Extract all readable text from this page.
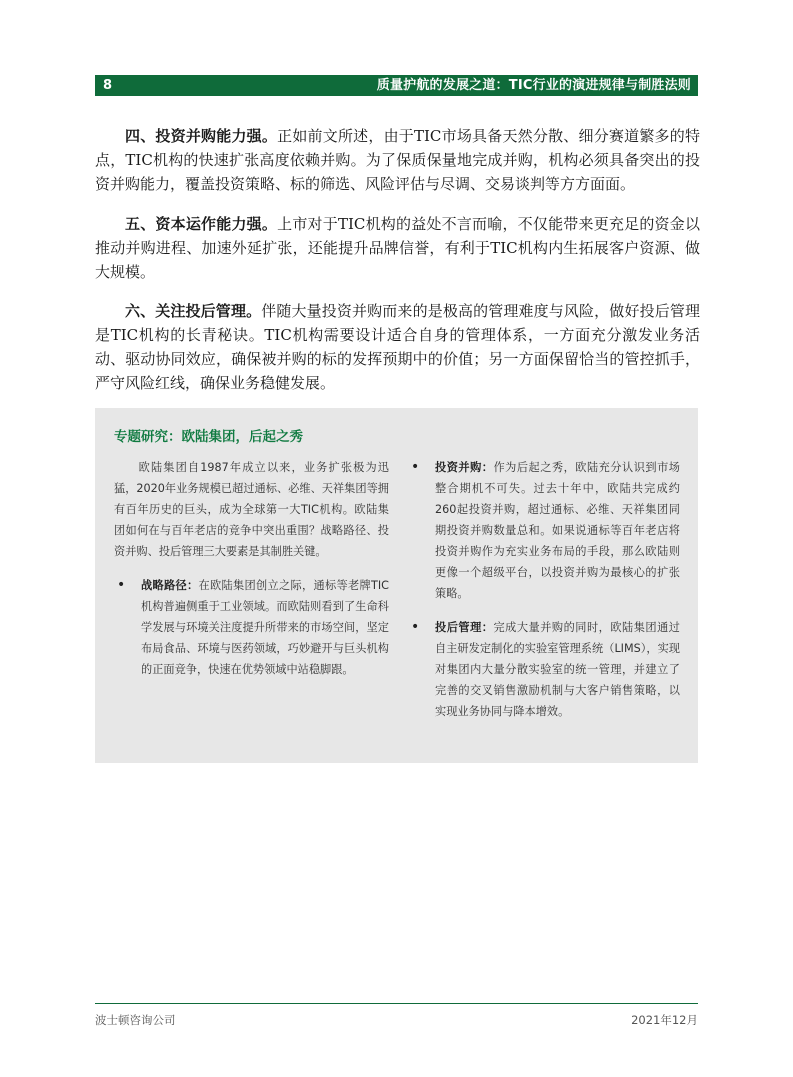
8	质量护航的发展之道：TIC行业的演进规律与制胜法则

四、投资并购能力强。正如前文所述，由于TIC市场具备天然分散、细分赛道繁多的特点，TIC机构的快速扩张高度依赖并购。为了保质保量地完成并购，机构必须具备突出的投资并购能力，覆盖投资策略、标的筛选、风险评估与尽调、交易谈判等方方面面。

五、资本运作能力强。上市对于TIC机构的益处不言而喻，不仅能带来更充足的资金以推动并购进程、加速外延扩张，还能提升品牌信誉，有利于TIC机构内生拓展客户资源、做大规模。

六、关注投后管理。伴随大量投资并购而来的是极高的管理难度与风险，做好投后管理是TIC机构的长青秘诀。TIC机构需要设计适合自身的管理体系，一方面充分激发业务活动、驱动协同效应，确保被并购的标的发挥预期中的价值；另一方面保留恰当的管控抓手，严守风险红线，确保业务稳健发展。

专题研究：欧陆集团，后起之秀

欧陆集团自1987年成立以来，业务扩张极为迅猛，2020年业务规模已超过通标、必维、天祥集团等拥有百年历史的巨头，成为全球第一大TIC机构。欧陆集团如何在与百年老店的竞争中突出重围？战略路径、投资并购、投后管理三大要素是其制胜关键。

• 战略路径：在欧陆集团创立之际，通标等老牌TIC机构普遍侧重于工业领域。而欧陆则看到了生命科学发展与环境关注度提升所带来的市场空间，坚定布局食品、环境与医药领域，巧妙避开与巨头机构的正面竞争，快速在优势领域中站稳脚跟。

• 投资并购：作为后起之秀，欧陆充分认识到市场整合期机不可失。过去十年中，欧陆共完成约260起投资并购，超过通标、必维、天祥集团同期投资并购数量总和。如果说通标等百年老店将投资并购作为充实业务布局的手段，那么欧陆则更像一个超级平台，以投资并购为最核心的扩张策略。

• 投后管理：完成大量并购的同时，欧陆集团通过自主研发定制化的实验室管理系统（LIMS），实现对集团内大量分散实验室的统一管理，并建立了完善的交叉销售激励机制与大客户销售策略，以实现业务协同与降本增效。

波士顿咨询公司	2021年12月
